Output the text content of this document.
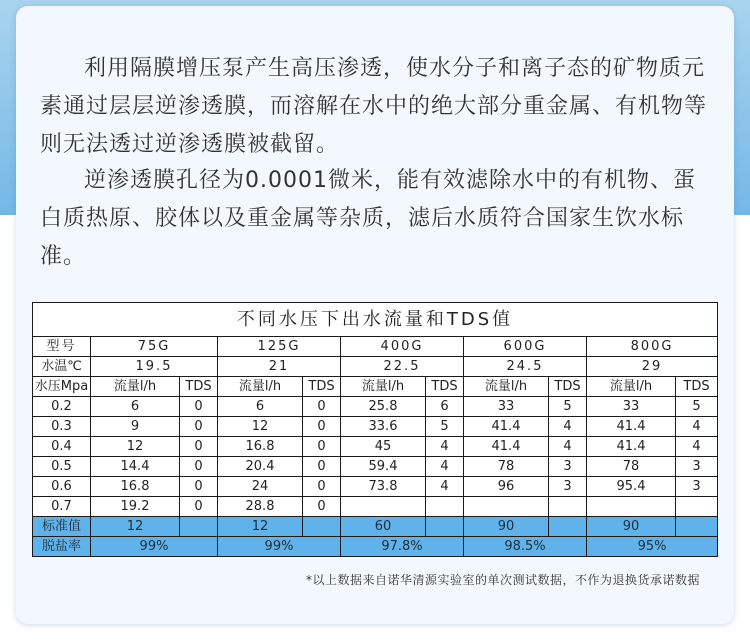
利用隔膜增压泵产生高压渗透，使水分子和离子态的矿物质元素通过层层逆渗透膜，而溶解在水中的绝大部分重金属、有机物等则无法透过逆渗透膜被截留。

逆渗透膜孔径为0.0001微米，能有效滤除水中的有机物、蛋白质热原、胶体以及重金属等杂质，滤后水质符合国家生饮水标准。

不同水压下出水流量和TDS值										
型号	75G		125G		400G		600G		800G	
水温℃	19.5		21		22.5		24.5		29	
水压Mpa	流量l/h	TDS	流量l/h	TDS	流量l/h	TDS	流量l/h	TDS	流量l/h	TDS
0.2	6	0	6	0	25.8	6	33	5	33	5
0.3	9	0	12	0	33.6	5	41.4	4	41.4	4
0.4	12	0	16.8	0	45	4	41.4	4	41.4	4
0.5	14.4	0	20.4	0	59.4	4	78	3	78	3
0.6	16.8	0	24	0	73.8	4	96	3	95.4	3
0.7	19.2	0	28.8	0						
标准值	12		12		60		90		90	
脱盐率	99%		99%		97.8%		98.5%		95%	
*以上数据来自诺华清源实验室的单次测试数据，不作为退换货承诺数据
